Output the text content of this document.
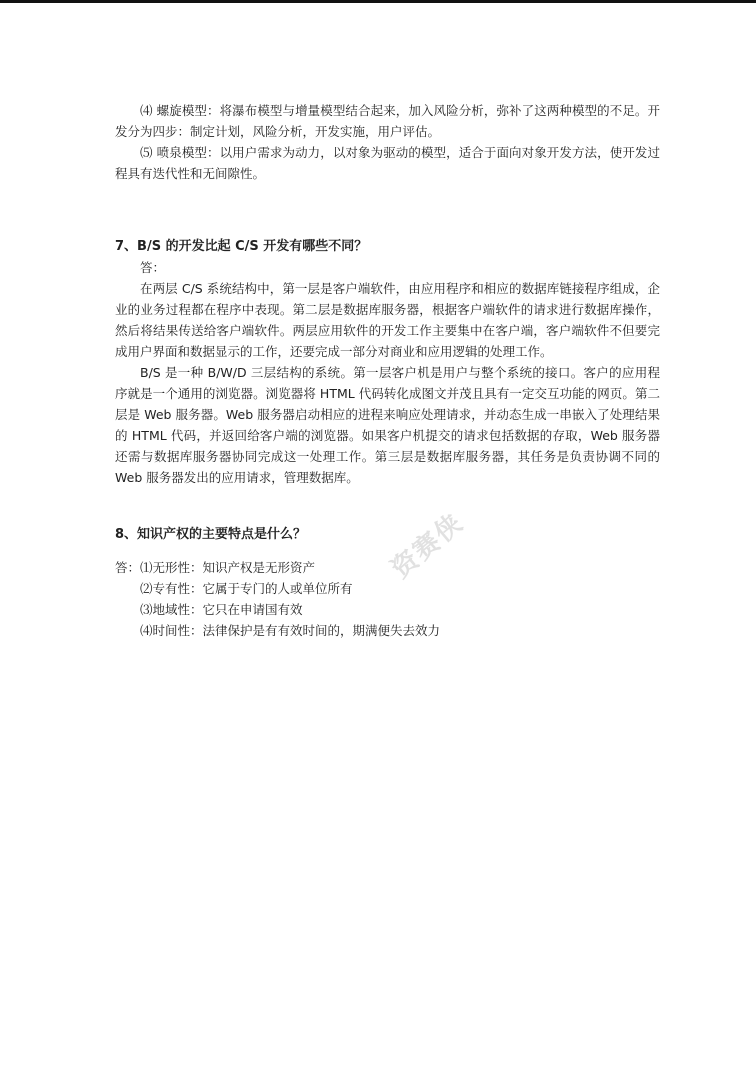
⑷ 螺旋模型：将瀑布模型与增量模型结合起来，加入风险分析，弥补了这两种模型的不足。开发分为四步：制定计划，风险分析，开发实施，用户评估。

⑸ 喷泉模型：以用户需求为动力，以对象为驱动的模型，适合于面向对象开发方法，使开发过程具有迭代性和无间隙性。

7、B/S 的开发比起 C/S 开发有哪些不同？

答：

在两层 C/S 系统结构中，第一层是客户端软件，由应用程序和相应的数据库链接程序组成，企业的业务过程都在程序中表现。第二层是数据库服务器，根据客户端软件的请求进行数据库操作，然后将结果传送给客户端软件。两层应用软件的开发工作主要集中在客户端，客户端软件不但要完成用户界面和数据显示的工作，还要完成一部分对商业和应用逻辑的处理工作。

B/S 是一种 B/W/D 三层结构的系统。第一层客户机是用户与整个系统的接口。客户的应用程序就是一个通用的浏览器。浏览器将 HTML 代码转化成图文并茂且具有一定交互功能的网页。第二层是 Web 服务器。Web 服务器启动相应的进程来响应处理请求，并动态生成一串嵌入了处理结果的 HTML 代码，并返回给客户端的浏览器。如果客户机提交的请求包括数据的存取，Web 服务器还需与数据库服务器协同完成这一处理工作。第三层是数据库服务器，其任务是负责协调不同的 Web 服务器发出的应用请求，管理数据库。

8、知识产权的主要特点是什么？

答：⑴无形性：知识产权是无形资产
⑵专有性：它属于专门的人或单位所有
⑶地域性：它只在申请国有效
⑷时间性：法律保护是有有效时间的，期满便失去效力
资赛侠
